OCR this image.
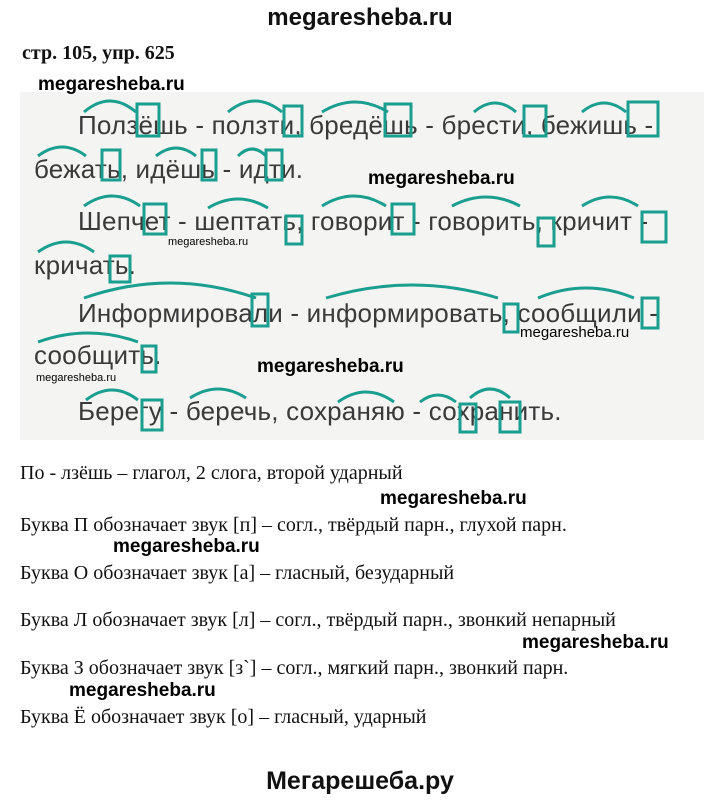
megaresheba.ru
стр. 105, упр. 625
Ползёшь - ползти, бредёшь - брести, бежишь -
бежать, идёшь - идти.
Шепчет - шептать, говорит - говорить, кричит -
кричать.
Информировали - информировать, сообщили -
сообщить.
Берегу - беречь, сохраняю - сохранить.
По - лзёшь – глагол, 2 слога, второй ударный
Буква П обозначает звук [п] – согл., твёрдый парн., глухой парн.
Буква О обозначает звук [а] – гласный, безударный
Буква Л обозначает звук [л] – согл., твёрдый парн., звонкий непарный
Буква З обозначает звук [з`] – согл., мягкий парн., звонкий парн.
Буква Ё обозначает звук [о] – гласный, ударный
megaresheba.ru
megaresheba.ru
megaresheba.ru
megaresheba.ru
megaresheba.ru
megaresheba.ru
megaresheba.ru
megaresheba.ru
megaresheba.ru
megaresheba.ru
Мегарешеба.ру
